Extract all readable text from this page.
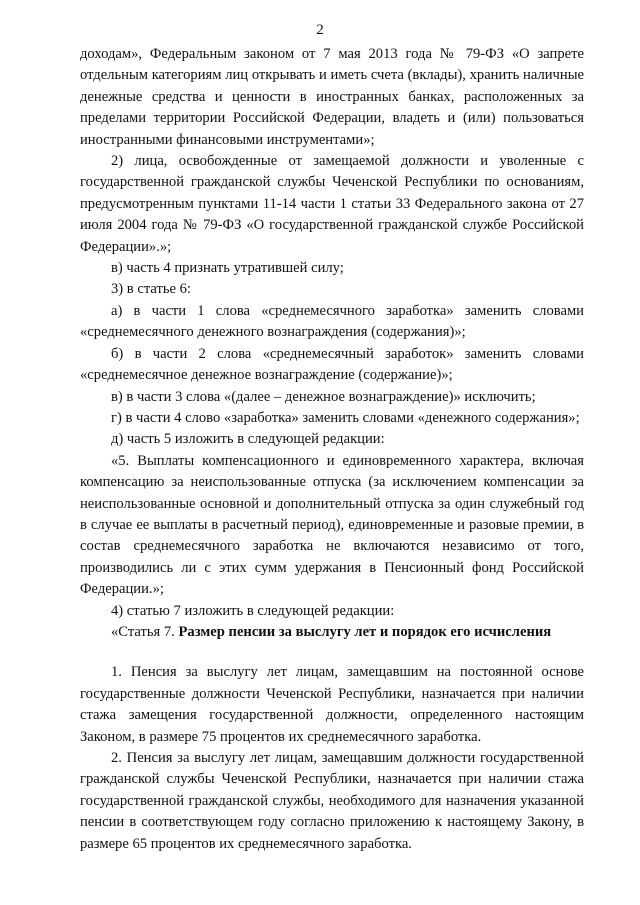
2

доходам», Федеральным законом от 7 мая 2013 года № 79-ФЗ «О запрете отдельным категориям лиц открывать и иметь счета (вклады), хранить наличные денежные средства и ценности в иностранных банках, расположенных за пределами территории Российской Федерации, владеть и (или) пользоваться иностранными финансовыми инструментами»;

2) лица, освобожденные от замещаемой должности и уволенные с государственной гражданской службы Чеченской Республики по основаниям, предусмотренным пунктами 11-14 части 1 статьи 33 Федерального закона от 27 июля 2004 года № 79-ФЗ «О государственной гражданской службе Российской Федерации».»;

в) часть 4 признать утратившей силу;

3) в статье 6:

а) в части 1 слова «среднемесячного заработка» заменить словами «среднемесячного денежного вознаграждения (содержания)»;

б) в части 2 слова «среднемесячный заработок» заменить словами «среднемесячное денежное вознаграждение (содержание)»;

в) в части 3 слова «(далее – денежное вознаграждение)» исключить;

г) в части 4 слово «заработка» заменить словами «денежного содержания»;

д) часть 5 изложить в следующей редакции:

«5. Выплаты компенсационного и единовременного характера, включая компенсацию за неиспользованные отпуска (за исключением компенсации за неиспользованные основной и дополнительный отпуска за один служебный год в случае ее выплаты в расчетный период), единовременные и разовые премии, в состав среднемесячного заработка не включаются независимо от того, производились ли с этих сумм удержания в Пенсионный фонд Российской Федерации.»;

4) статью 7 изложить в следующей редакции:

«Статья 7. Размер пенсии за выслугу лет и порядок его исчисления

1. Пенсия за выслугу лет лицам, замещавшим на постоянной основе государственные должности Чеченской Республики, назначается при наличии стажа замещения государственной должности, определенного настоящим Законом, в размере 75 процентов их среднемесячного заработка.

2. Пенсия за выслугу лет лицам, замещавшим должности государственной гражданской службы Чеченской Республики, назначается при наличии стажа государственной гражданской службы, необходимого для назначения указанной пенсии в соответствующем году согласно приложению к настоящему Закону, в размере 65 процентов их среднемесячного заработка.
